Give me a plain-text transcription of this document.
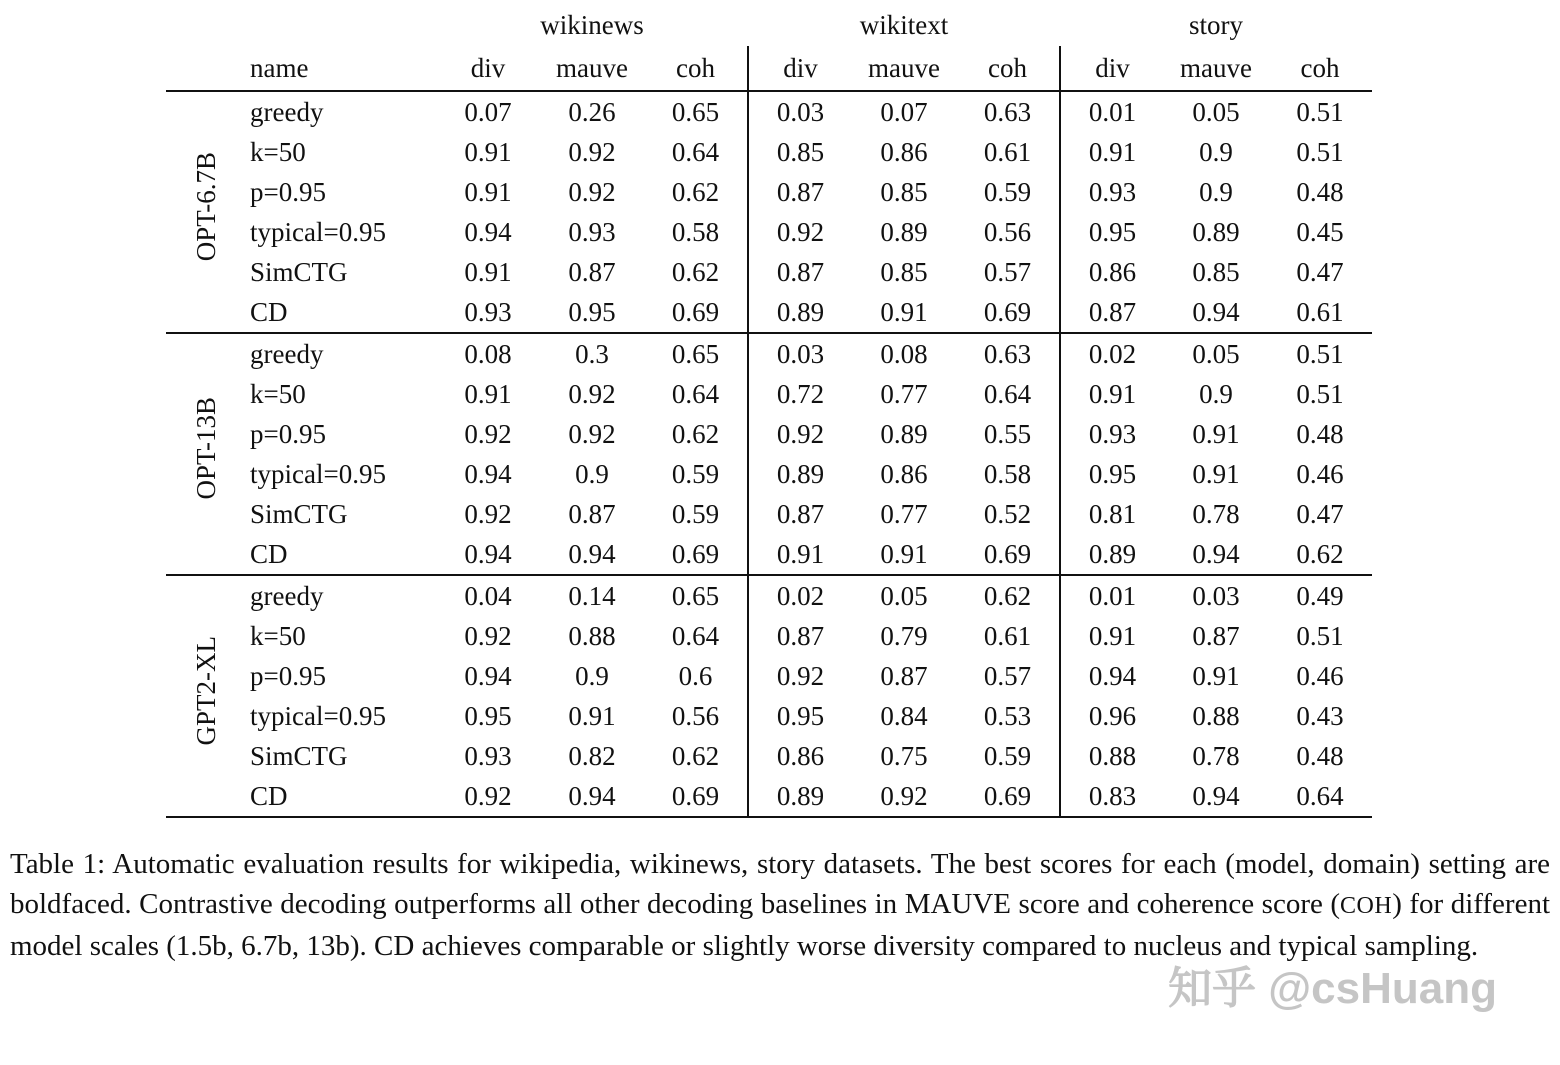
		wikinews			wikitext			story		
	name	div	mauve	coh	div	mauve	coh	div	mauve	coh
OPT-6.7B	greedy	0.07	0.26	0.65	0.03	0.07	0.63	0.01	0.05	0.51
	k=50	0.91	0.92	0.64	0.85	0.86	0.61	0.91	0.9	0.51
	p=0.95	0.91	0.92	0.62	0.87	0.85	0.59	0.93	0.9	0.48
	typical=0.95	0.94	0.93	0.58	0.92	0.89	0.56	0.95	0.89	0.45
	SimCTG	0.91	0.87	0.62	0.87	0.85	0.57	0.86	0.85	0.47
	CD	0.93	0.95	0.69	0.89	0.91	0.69	0.87	0.94	0.61
OPT-13B	greedy	0.08	0.3	0.65	0.03	0.08	0.63	0.02	0.05	0.51
	k=50	0.91	0.92	0.64	0.72	0.77	0.64	0.91	0.9	0.51
	p=0.95	0.92	0.92	0.62	0.92	0.89	0.55	0.93	0.91	0.48
	typical=0.95	0.94	0.9	0.59	0.89	0.86	0.58	0.95	0.91	0.46
	SimCTG	0.92	0.87	0.59	0.87	0.77	0.52	0.81	0.78	0.47
	CD	0.94	0.94	0.69	0.91	0.91	0.69	0.89	0.94	0.62
GPT2-XL	greedy	0.04	0.14	0.65	0.02	0.05	0.62	0.01	0.03	0.49
	k=50	0.92	0.88	0.64	0.87	0.79	0.61	0.91	0.87	0.51
	p=0.95	0.94	0.9	0.6	0.92	0.87	0.57	0.94	0.91	0.46
	typical=0.95	0.95	0.91	0.56	0.95	0.84	0.53	0.96	0.88	0.43
	SimCTG	0.93	0.82	0.62	0.86	0.75	0.59	0.88	0.78	0.48
	CD	0.92	0.94	0.69	0.89	0.92	0.69	0.83	0.94	0.64

Table 1: Automatic evaluation results for wikipedia, wikinews, story datasets. The best scores for each (model, domain) setting are boldfaced. Contrastive decoding outperforms all other decoding baselines in MAUVE score and coherence score (COH) for different model scales (1.5b, 6.7b, 13b). CD achieves comparable or slightly worse diversity compared to nucleus and typical sampling.

知乎 @csHuang
